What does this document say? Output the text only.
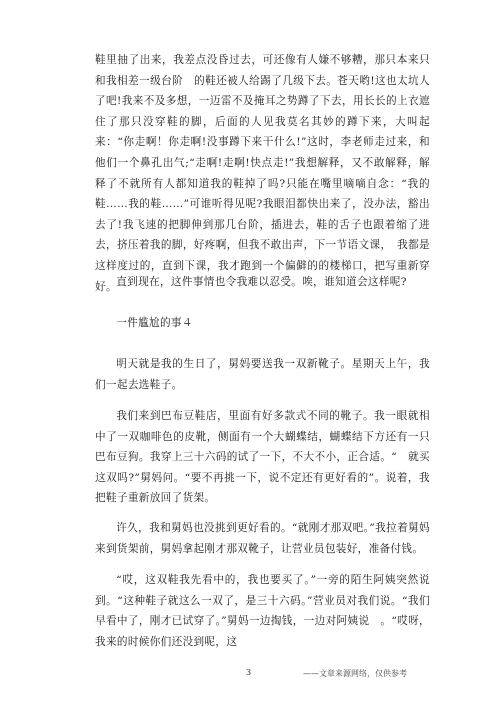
鞋里抽了出来，我差点没昏过去，可还像有人嫌不够糟，那只本来只和我相差一级台阶　的鞋还被人给踢了几级下去。苍天哟!这也太坑人了吧!我来不及多想，一迈雷不及掩耳之势蹲了下去，用长长的上衣遮住了那只没穿鞋的脚，后面的人见我莫名其妙的蹲下来，大叫起来：“你走啊！你走啊!没事蹲下来干什么!”这时，李老师走过来，和他们一个鼻孔出气;“走啊!走啊!快点走!”我想解释，又不敢解释，解释了不就所有人都知道我的鞋掉了吗?只能在嘴里嘀嘀自念：“我的鞋……我的鞋……”可谁听得见呢?我眼泪都快出来了，没办法，豁出去了!我飞速的把脚伸到那几台阶，插进去，鞋的舌子也跟着缩了进去，挤压着我的脚，好疼啊，但我不敢出声，下一节语文课，　我都是这样度过的，直到下课，我才跑到一个偏僻的的楼梯口，把写重新穿好。 直到现在，这件事情也令我难以忍受。唉，谁知道会这样呢?

一件尴尬的事４

明天就是我的生日了，舅妈要送我一双新靴子。星期天上午，我们一起去选鞋子。

我们来到巴布豆鞋店，里面有好多款式不同的靴子。我一眼就相中了一双咖啡色的皮靴，侧面有一个大蝴蝶结，蝴蝶结下方还有一只巴布豆狗。我穿上三十六码的试了一下，不大不小，正合适。“　就买这双吗?”舅妈问。“要不再挑一下，说不定还有更好看的”。说着，我把鞋子重新放回了货架。

许久，我和舅妈也没挑到更好看的。“就刚才那双吧。”我拉着舅妈来到货架前，舅妈拿起刚才那双靴子，让营业员包装好，准备付钱。

“哎，这双鞋我先看中的，我也要买了。”一旁的陌生阿姨突然说到。“这种鞋子就这么一双了，是三十六码。”营业员对我们说。“我们早看中了，刚才已试穿了。”舅妈一边掏钱，一边对阿姨说　。“哎呀，我来的时候你们还没到呢，这

3	——文章来源网络，仅供参考
